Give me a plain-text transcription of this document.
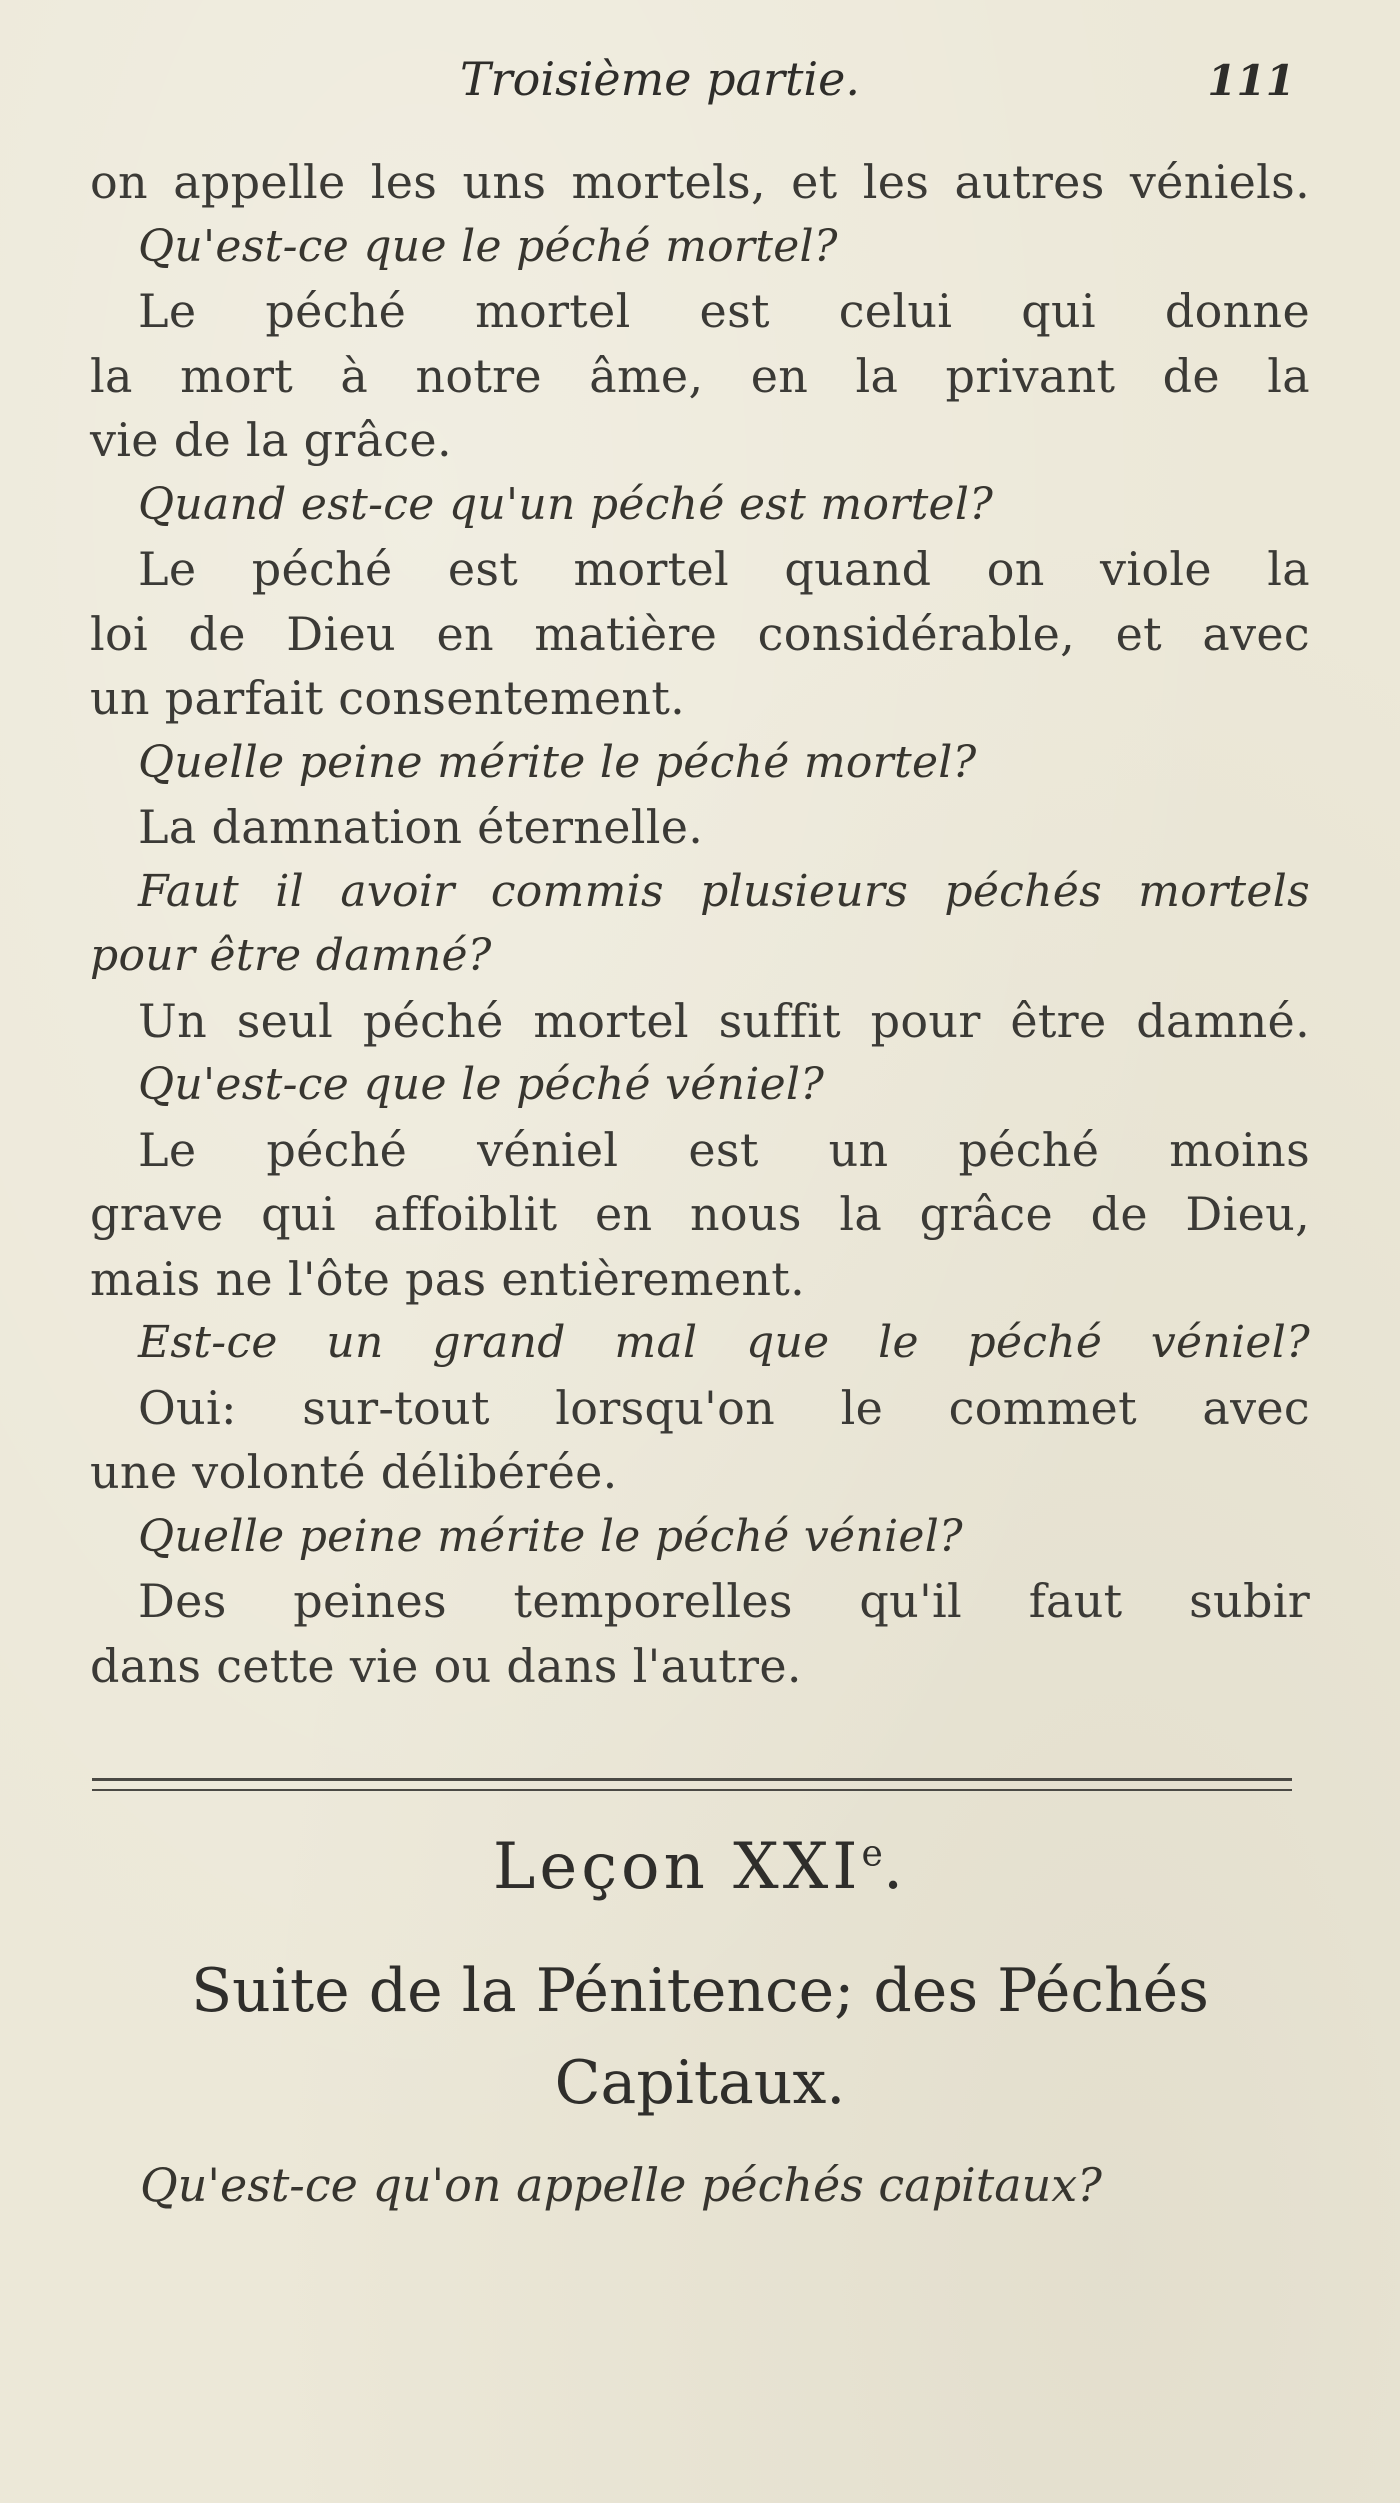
Troisième partie.	111
on appelle les uns mortels, et les autres véniels.
Qu'est-ce que le péché mortel?
Le péché mortel est celui qui donne
la mort à notre âme, en la privant de la
vie de la grâce.
Quand est-ce qu'un péché est mortel?
Le péché est mortel quand on viole la
loi de Dieu en matière considérable, et avec
un parfait consentement.
Quelle peine mérite le péché mortel?
La damnation éternelle.
Faut il avoir commis plusieurs péchés mortels
pour être damné?
Un seul péché mortel suffit pour être damné.
Qu'est-ce que le péché véniel?
Le péché véniel est un péché moins
grave qui affoiblit en nous la grâce de Dieu,
mais ne l'ôte pas entièrement.
Est-ce un grand mal que le péché véniel?
Oui: sur-tout lorsqu'on le commet avec
une volonté délibérée.
Quelle peine mérite le péché véniel?
Des peines temporelles qu'il faut subir
dans cette vie ou dans l'autre.
Leçon XXIe.
Suite de la Pénitence; des Péchés
Capitaux.
Qu'est-ce qu'on appelle péchés capitaux?
